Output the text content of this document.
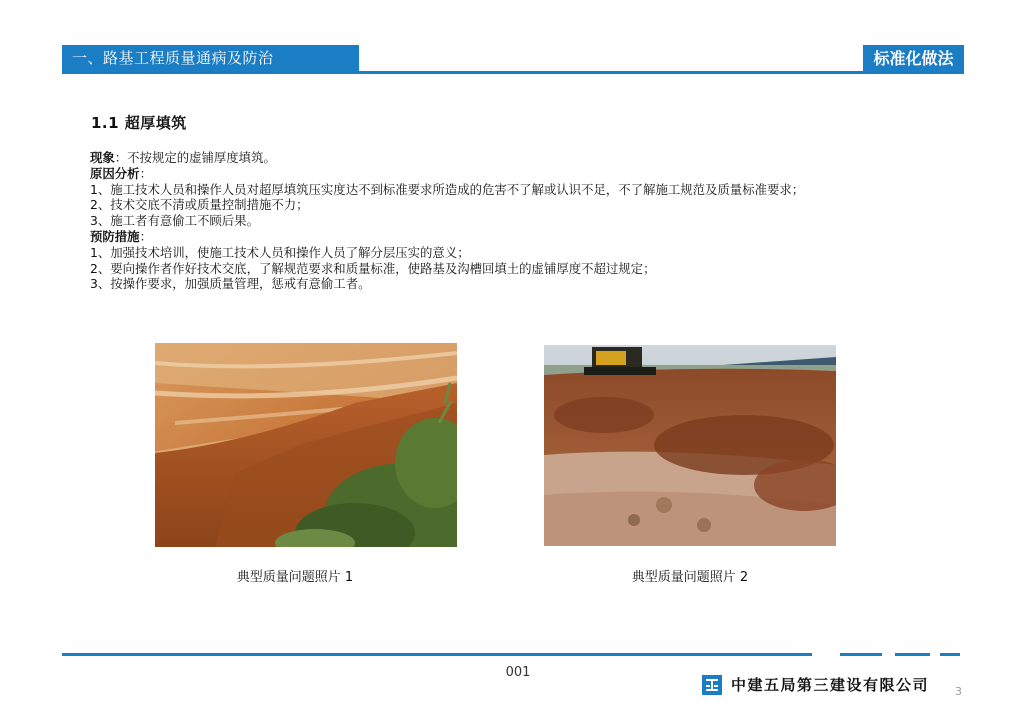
一、路基工程质量通病及防治	标准化做法
1.1 超厚填筑

现象：不按规定的虚铺厚度填筑。

原因分析：

1、施工技术人员和操作人员对超厚填筑压实度达不到标准要求所造成的危害不了解或认识不足，不了解施工规范及质量标准要求；

2、技术交底不清或质量控制措施不力；

3、施工者有意偷工不顾后果。

预防措施：

1、加强技术培训，使施工技术人员和操作人员了解分层压实的意义；

2、要向操作者作好技术交底，了解规范要求和质量标准，使路基及沟槽回填土的虚铺厚度不超过规定；

3、按操作要求，加强质量管理，惩戒有意偷工者。

典型质量问题照片 1	典型质量问题照片 2
001
中建五局第三建设有限公司 3
